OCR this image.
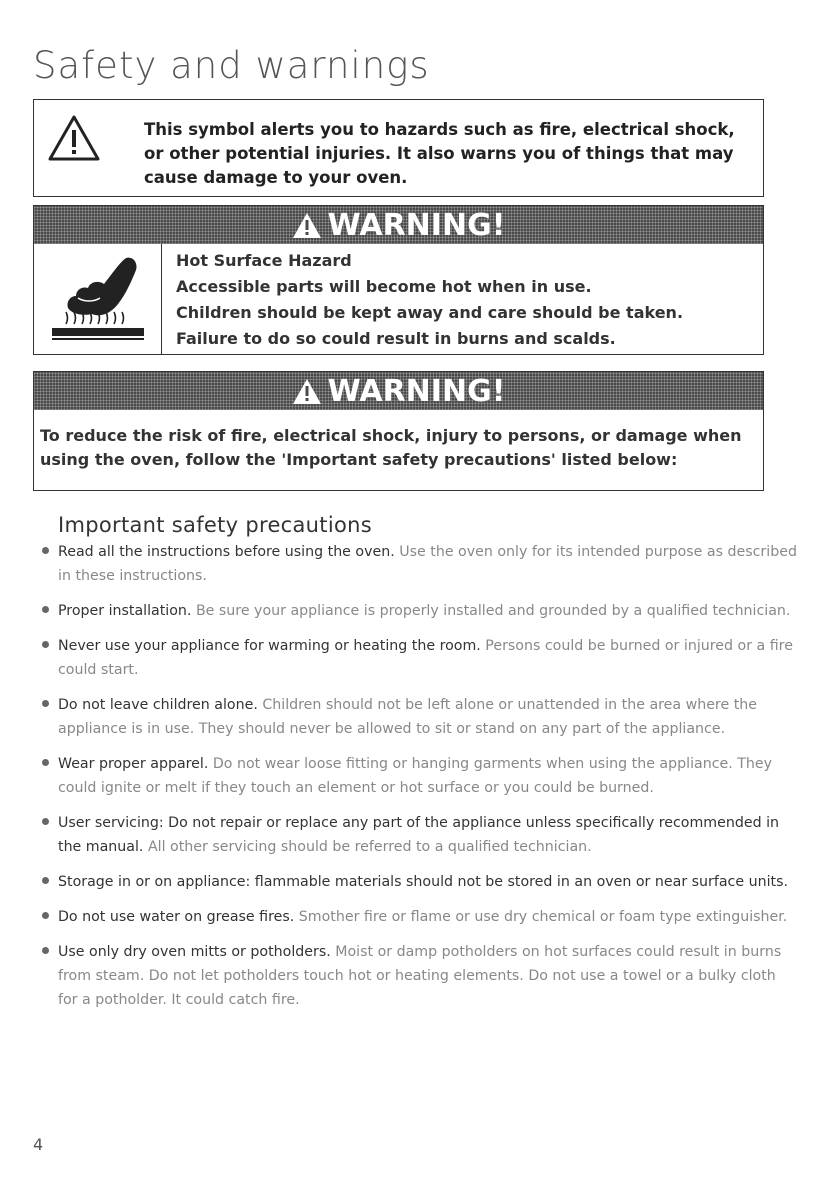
Safety and warnings
This symbol alerts you to hazards such as fire, electrical shock, or other potential injuries. It also warns you of things that may cause damage to your oven.
WARNING!
Hot Surface Hazard
Accessible parts will become hot when in use.
Children should be kept away and care should be taken.
Failure to do so could result in burns and scalds.
WARNING!
To reduce the risk of fire, electrical shock, injury to persons, or damage when using the oven, follow the 'Important safety precautions' listed below:
Important safety precautions
Read all the instructions before using the oven. Use the oven only for its intended purpose as described in these instructions.
Proper installation. Be sure your appliance is properly installed and grounded by a qualified technician.
Never use your appliance for warming or heating the room. Persons could be burned or injured or a fire could start.
Do not leave children alone. Children should not be left alone or unattended in the area where the appliance is in use. They should never be allowed to sit or stand on any part of the appliance.
Wear proper apparel. Do not wear loose fitting or hanging garments when using the appliance. They could ignite or melt if they touch an element or hot surface or you could be burned.
User servicing: Do not repair or replace any part of the appliance unless specifically recommended in the manual. All other servicing should be referred to a qualified technician.
Storage in or on appliance: flammable materials should not be stored in an oven or near surface units.
Do not use water on grease fires. Smother fire or flame or use dry chemical or foam type extinguisher.
Use only dry oven mitts or potholders. Moist or damp potholders on hot surfaces could result in burns from steam. Do not let potholders touch hot or heating elements. Do not use a towel or a bulky cloth for a potholder. It could catch fire.
4
